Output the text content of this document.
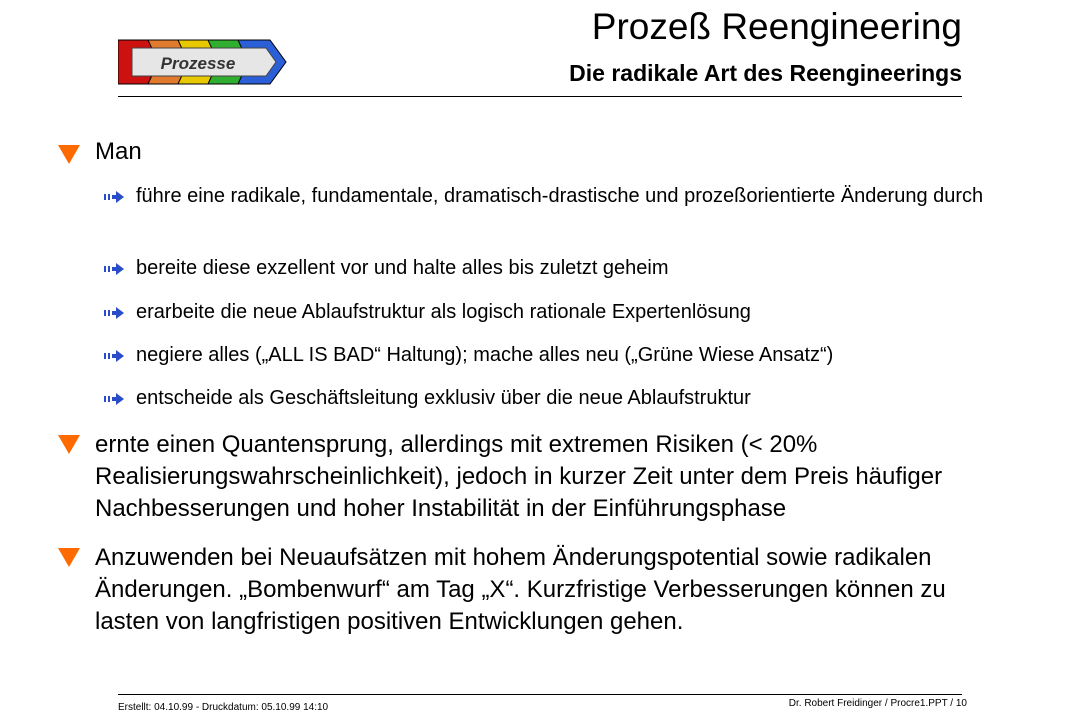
Prozesse
Prozeß Reengineering
Die radikale Art des Reengineerings
Man
führe eine radikale, fundamentale, dramatisch-drastische und prozeßorientierte Änderung durch
bereite diese exzellent vor und halte alles bis zuletzt geheim
erarbeite die neue Ablaufstruktur als logisch rationale Expertenlösung
negiere alles („ALL IS BAD“ Haltung); mache alles neu („Grüne Wiese Ansatz“)
entscheide als Geschäftsleitung exklusiv über die neue Ablaufstruktur
ernte einen Quantensprung, allerdings mit extremen Risiken (< 20% Realisierungswahrscheinlichkeit), jedoch in kurzer Zeit unter dem Preis häufiger Nachbesserungen und hoher Instabilität in der Einführungsphase
Anzuwenden bei Neuaufsätzen mit hohem Änderungspotential sowie radikalen Änderungen. „Bombenwurf“ am Tag „X“. Kurzfristige Verbesserungen können zu lasten von langfristigen positiven Entwicklungen gehen.
Erstellt: 04.10.99 - Druckdatum: 05.10.99 14:10	Dr. Robert Freidinger / Procre1.PPT / 10
